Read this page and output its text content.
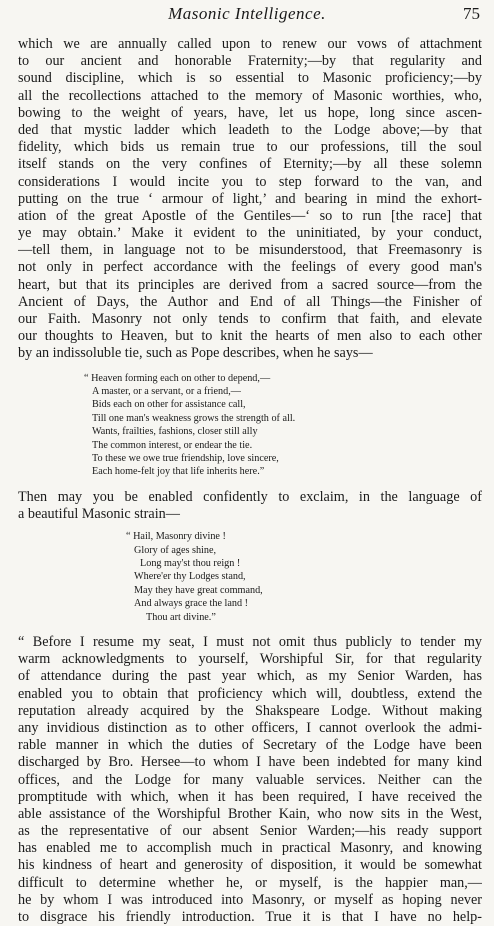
Masonic Intelligence.	75
which we are annually called upon to renew our vows of attachment
to our ancient and honorable Fraternity;—by that regularity and
sound discipline, which is so essential to Masonic proficiency;—by
all the recollections attached to the memory of Masonic worthies, who,
bowing to the weight of years, have, let us hope, long since ascen-
ded that mystic ladder which leadeth to the Lodge above;—by that
fidelity, which bids us remain true to our professions, till the soul
itself stands on the very confines of Eternity;—by all these solemn
considerations I would incite you to step forward to the van, and
putting on the true ‘ armour of light,’ and bearing in mind the exhort-
ation of the great Apostle of the Gentiles—‘ so to run [the race] that
ye may obtain.’ Make it evident to the uninitiated, by your conduct,
—tell them, in language not to be misunderstood, that Freemasonry is
not only in perfect accordance with the feelings of every good man's
heart, but that its principles are derived from a sacred source—from the
Ancient of Days, the Author and End of all Things—the Finisher of
our Faith. Masonry not only tends to confirm that faith, and elevate
our thoughts to Heaven, but to knit the hearts of men also to each other
by an indissoluble tie, such as Pope describes, when he says—
“ Heaven forming each on other to depend,—
A master, or a servant, or a friend,—
Bids each on other for assistance call,
Till one man's weakness grows the strength of all.
Wants, frailties, fashions, closer still ally
The common interest, or endear the tie.
To these we owe true friendship, love sincere,
Each home-felt joy that life inherits here.”
Then may you be enabled confidently to exclaim, in the language of
a beautiful Masonic strain—
“ Hail, Masonry divine !
Glory of ages shine,
Long may'st thou reign !
Where'er thy Lodges stand,
May they have great command,
And always grace the land !
Thou art divine.”
“ Before I resume my seat, I must not omit thus publicly to tender my
warm acknowledgments to yourself, Worshipful Sir, for that regularity
of attendance during the past year which, as my Senior Warden, has
enabled you to obtain that proficiency which will, doubtless, extend the
reputation already acquired by the Shakspeare Lodge. Without making
any invidious distinction as to other officers, I cannot overlook the admi-
rable manner in which the duties of Secretary of the Lodge have been
discharged by Bro. Hersee—to whom I have been indebted for many kind
offices, and the Lodge for many valuable services. Neither can the
promptitude with which, when it has been required, I have received the
able assistance of the Worshipful Brother Kain, who now sits in the West,
as the representative of our absent Senior Warden;—his ready support
has enabled me to accomplish much in practical Masonry, and knowing
his kindness of heart and generosity of disposition, it would be somewhat
difficult to determine whether he, or myself, is the happier man,—
he by whom I was introduced into Masonry, or myself as hoping never
to disgrace his friendly introduction. True it is that I have no help-
